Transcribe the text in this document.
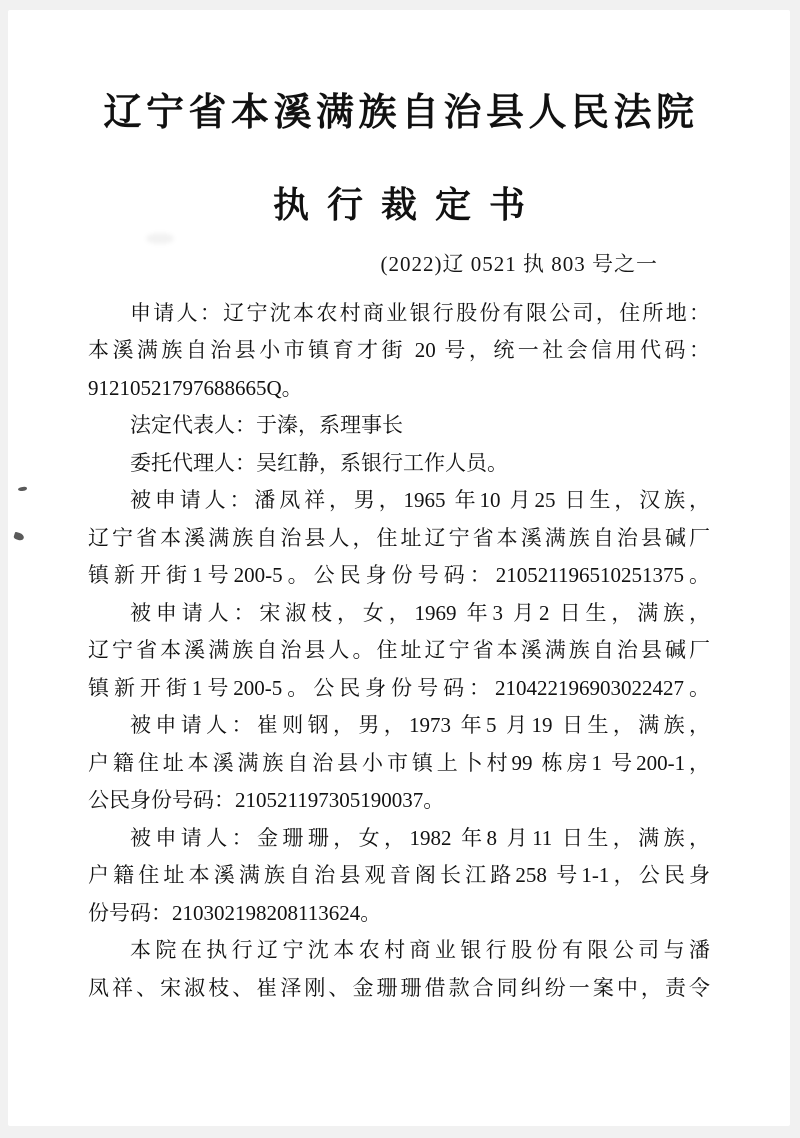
辽宁省本溪满族自治县人民法院
执行裁定书
(2022)辽 0521 执 803 号之一
申请人：辽宁沈本农村商业银行股份有限公司，住所地：
本溪满族自治县小市镇育才街 20 号，统一社会信用代码：
91210521797688665Q。
法定代表人：于溱，系理事长
委托代理人：吴红静，系银行工作人员。
被申请人：潘凤祥，男，1965 年10 月25 日生，汉族，
辽宁省本溪满族自治县人，住址辽宁省本溪满族自治县碱厂
镇新开街1号200-5。公民身份号码：210521196510251375。
被申请人：宋淑枝，女，1969 年3 月2 日生，满族，
辽宁省本溪满族自治县人。住址辽宁省本溪满族自治县碱厂
镇新开街1号200-5。公民身份号码：210422196903022427。
被申请人：崔则钢，男，1973 年5 月19 日生，满族，
户籍住址本溪满族自治县小市镇上卜村99 栋房1 号200-1，
公民身份号码：210521197305190037。
被申请人：金珊珊，女，1982 年8 月11 日生，满族，
户籍住址本溪满族自治县观音阁长江路258 号1-1，公民身
份号码：210302198208113624。
本院在执行辽宁沈本农村商业银行股份有限公司与潘
凤祥、宋淑枝、崔泽刚、金珊珊借款合同纠纷一案中，责令
